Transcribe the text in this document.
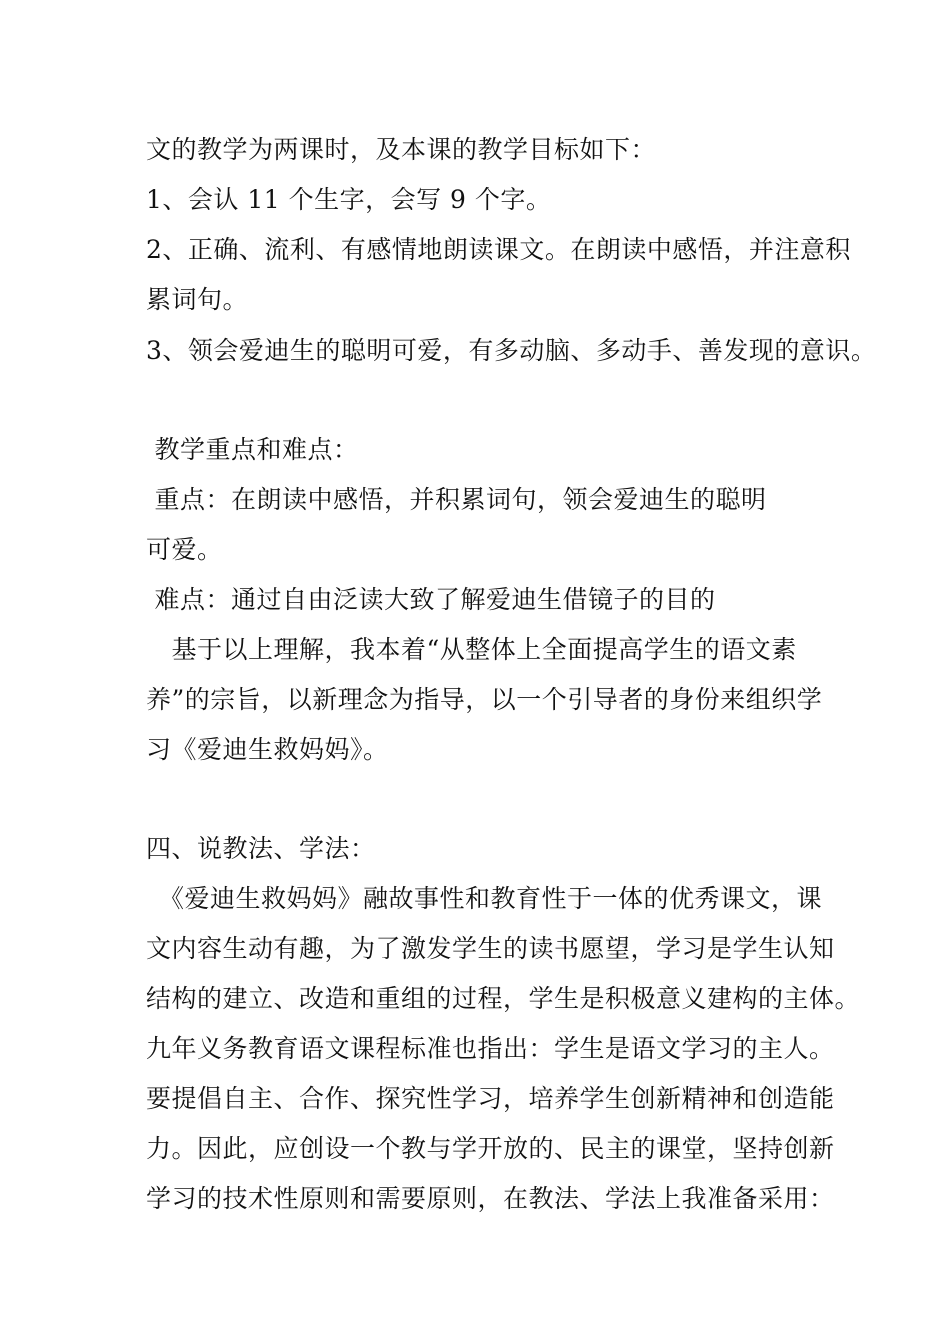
文的教学为两课时，及本课的教学目标如下：
1、会认 11 个生字，会写 9 个字。
2、正确、流利、有感情地朗读课文。在朗读中感悟，并注意积
累词句。
3、领会爱迪生的聪明可爱，有多动脑、多动手、善发现的意识。
教学重点和难点：
重点：在朗读中感悟，并积累词句，领会爱迪生的聪明
可爱。
难点：通过自由泛读大致了解爱迪生借镜子的目的
　基于以上理解，我本着“从整体上全面提高学生的语文素
养”的宗旨，以新理念为指导，以一个引导者的身份来组织学
习《爱迪生救妈妈》。
四、说教法、学法：
　《爱迪生救妈妈》融故事性和教育性于一体的优秀课文，课
文内容生动有趣，为了激发学生的读书愿望，学习是学生认知
结构的建立、改造和重组的过程，学生是积极意义建构的主体。
九年义务教育语文课程标准也指出：学生是语文学习的主人。
要提倡自主、合作、探究性学习，培养学生创新精神和创造能
力。因此，应创设一个教与学开放的、民主的课堂，坚持创新
学习的技术性原则和需要原则，在教法、学法上我准备采用：
